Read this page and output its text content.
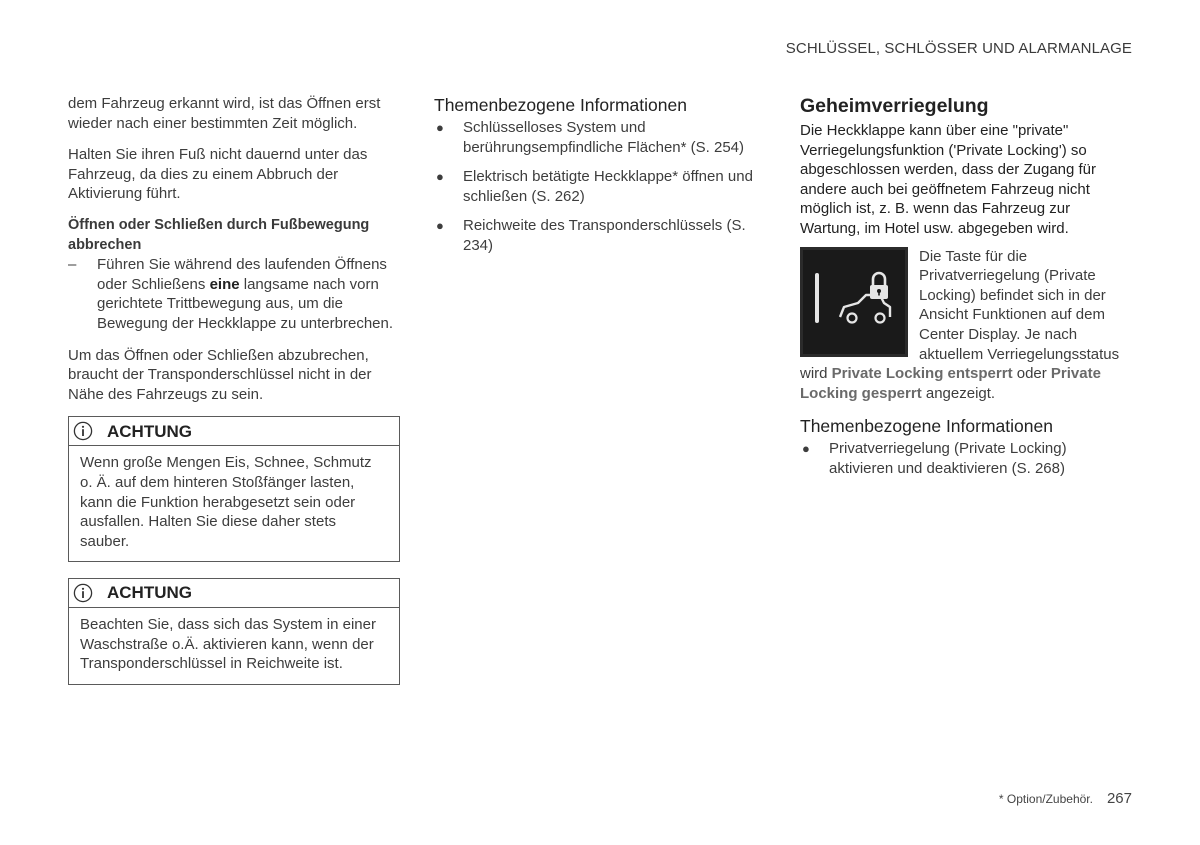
SCHLÜSSEL, SCHLÖSSER UND ALARMANLAGE

dem Fahrzeug erkannt wird, ist das Öffnen erst wieder nach einer bestimmten Zeit möglich.

Halten Sie ihren Fuß nicht dauernd unter das Fahrzeug, da dies zu einem Abbruch der Aktivierung führt.

Öffnen oder Schließen durch Fußbewegung abbrechen
– Führen Sie während des laufenden Öffnens oder Schließens eine langsame nach vorn gerichtete Trittbewegung aus, um die Bewegung der Heckklappe zu unterbrechen.

Um das Öffnen oder Schließen abzubrechen, braucht der Transponderschlüssel nicht in der Nähe des Fahrzeugs zu sein.

ACHTUNG
Wenn große Mengen Eis, Schnee, Schmutz o. Ä. auf dem hinteren Stoßfänger lasten, kann die Funktion herabgesetzt sein oder ausfallen. Halten Sie diese daher stets sauber.
ACHTUNG
Beachten Sie, dass sich das System in einer Waschstraße o.Ä. aktivieren kann, wenn der Transponderschlüssel in Reichweite ist.
Themenbezogene Informationen
● Schlüsselloses System und berührungsempfindliche Flächen* (S. 254)
● Elektrisch betätigte Heckklappe* öffnen und schließen (S. 262)
● Reichweite des Transponderschlüssels (S. 234)
Geheimverriegelung

Die Heckklappe kann über eine "private" Verriegelungsfunktion ('Private Locking') so abgeschlossen werden, dass der Zugang für andere auch bei geöffnetem Fahrzeug nicht möglich ist, z. B. wenn das Fahrzeug zur Wartung, im Hotel usw. abgegeben wird.

Die Taste für die Privatverriegelung (Private Locking) befindet sich in der Ansicht Funktionen auf dem Center Display. Je nach aktuellem Verriegelungsstatus wird Private Locking entsperrt oder Private Locking gesperrt angezeigt.
Themenbezogene Informationen
● Privatverriegelung (Private Locking) aktivieren und deaktivieren (S. 268)
* Option/Zubehör. 267
